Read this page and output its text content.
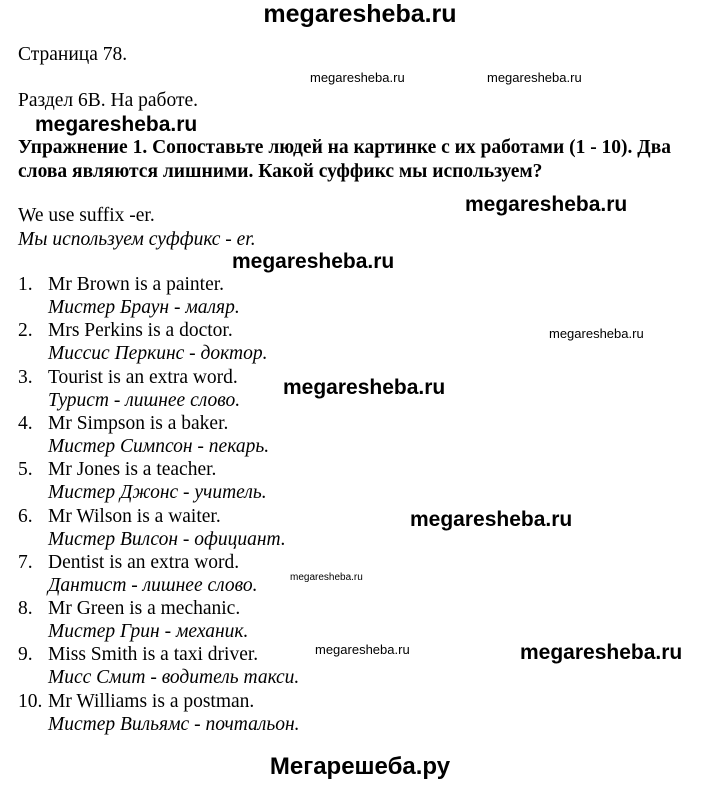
megaresheba.ru
Страница 78.
megaresheba.ru	megaresheba.ru
Раздел 6В. На работе.
megaresheba.ru
Упражнение 1. Сопоставьте людей на картинке с их работами (1 - 10). Два
слова являются лишними. Какой суффикс мы используем?
megaresheba.ru
We use suffix -er.
Мы используем суффикс - er.
megaresheba.ru
1. Mr Brown is a painter.
Мистер Браун - маляр.
2. Mrs Perkins is a doctor.
Миссис Перкинс - доктор.
3. Tourist is an extra word.
Турист - лишнее слово.
4. Mr Simpson is a baker.
Мистер Симпсон - пекарь.
5. Mr Jones is a teacher.
Мистер Джонс - учитель.
6. Mr Wilson is a waiter.
Мистер Вилсон - официант.
7. Dentist is an extra word.
Дантист - лишнее слово.
8. Mr Green is a mechanic.
Мистер Грин - механик.
9. Miss Smith is a taxi driver.
Мисс Смит - водитель такси.
10. Mr Williams is a postman.
Мистер Вильямс - почтальон.
megaresheba.ru
megaresheba.ru
megaresheba.ru
megaresheba.ru
megaresheba.ru	megaresheba.ru
Мегарешеба.ру
